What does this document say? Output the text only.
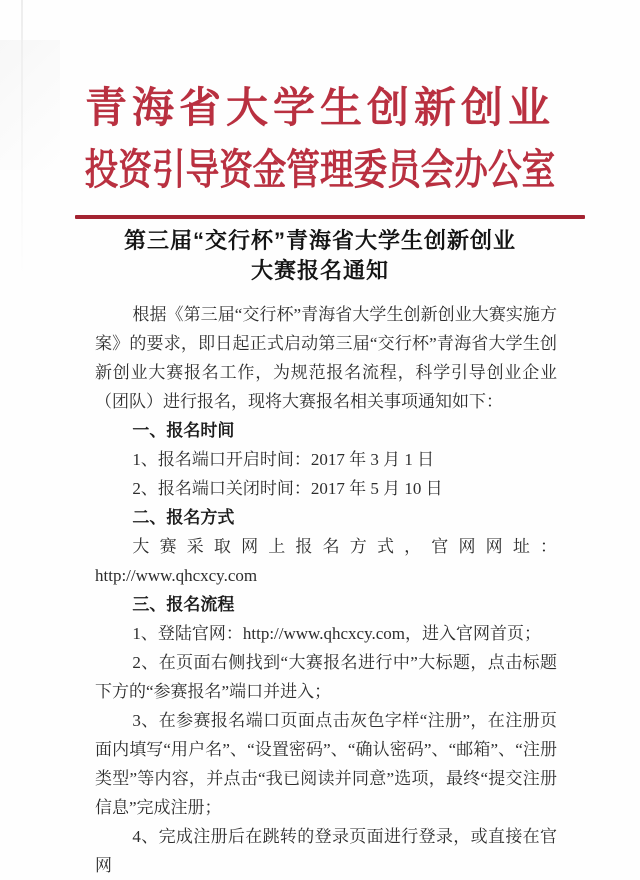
青海省大学生创新创业
投资引导资金管理委员会办公室
第三届“交行杯”青海省大学生创新创业
大赛报名通知

根据《第三届“交行杯”青海省大学生创新创业大赛实施方案》的要求，即日起正式启动第三届“交行杯”青海省大学生创新创业大赛报名工作，为规范报名流程，科学引导创业企业（团队）进行报名，现将大赛报名相关事项通知如下：

一、报名时间

1、报名端口开启时间：2017 年 3 月 1 日

2、报名端口关闭时间：2017 年 5 月 10 日

二、报名方式

大赛采取网上报名方式，官网网址：http://www.qhcxcy.com

三、报名流程

1、登陆官网：http://www.qhcxcy.com，进入官网首页；

2、在页面右侧找到“大赛报名进行中”大标题，点击标题下方的“参赛报名”端口并进入；

3、在参赛报名端口页面点击灰色字样“注册”，在注册页面内填写“用户名”、“设置密码”、“确认密码”、“邮箱”、“注册类型”等内容，并点击“我已阅读并同意”选项，最终“提交注册信息”完成注册；

4、完成注册后在跳转的登录页面进行登录，或直接在官网
